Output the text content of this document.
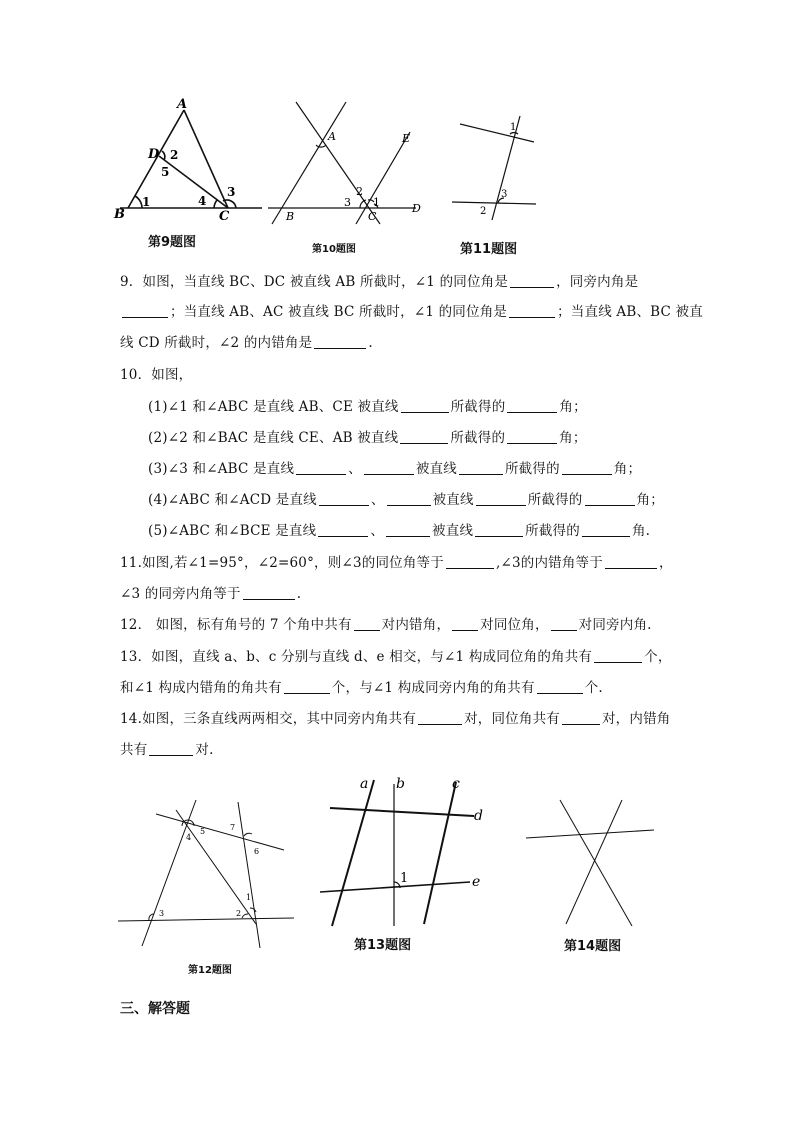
A
B	C
D
1
2
3
4
5
第9题图
A
B	C
D
E
1
2
3
第10题图
1
2
3
第11题图
9．如图，当直线 BC、DC 被直线 AB 所截时，∠1 的同位角是	，同旁内角是
；当直线 AB、AC 被直线 BC 所截时，∠1 的同位角是	；当直线 AB、BC 被直
线 CD 所截时，∠2 的内错角是	.
10．如图，
(1)∠1 和∠ABC 是直线 AB、CE 被直线	所截得的	角；
(2)∠2 和∠BAC 是直线 CE、AB 被直线	所截得的	角；
(3)∠3 和∠ABC 是直线	、	被直线	所截得的	角；
(4)∠ABC 和∠ACD 是直线	、	被直线	所截得的	角；
(5)∠ABC 和∠BCE 是直线	、	被直线	所截得的	角.
11.如图,若∠1=95°，∠2=60°，则∠3的同位角等于	,∠3的内错角等于	，
∠3 的同旁内角等于	.
12． 如图，标有角号的 7 个角中共有 对内错角， 对同位角， 对同旁内角.
13．如图，直线 a、b、c 分别与直线 d、e 相交，与∠1 构成同位角的角共有	个，
和∠1 构成内错角的角共有	个，与∠1 构成同旁内角的角共有	个.
14.如图，三条直线两两相交，其中同旁内角共有	对，同位角共有	对，内错角
共有	对.
7
5
4
6
1
2
3
第12题图
a b	c
d
e
1
第13题图	第14题图
三、解答题
